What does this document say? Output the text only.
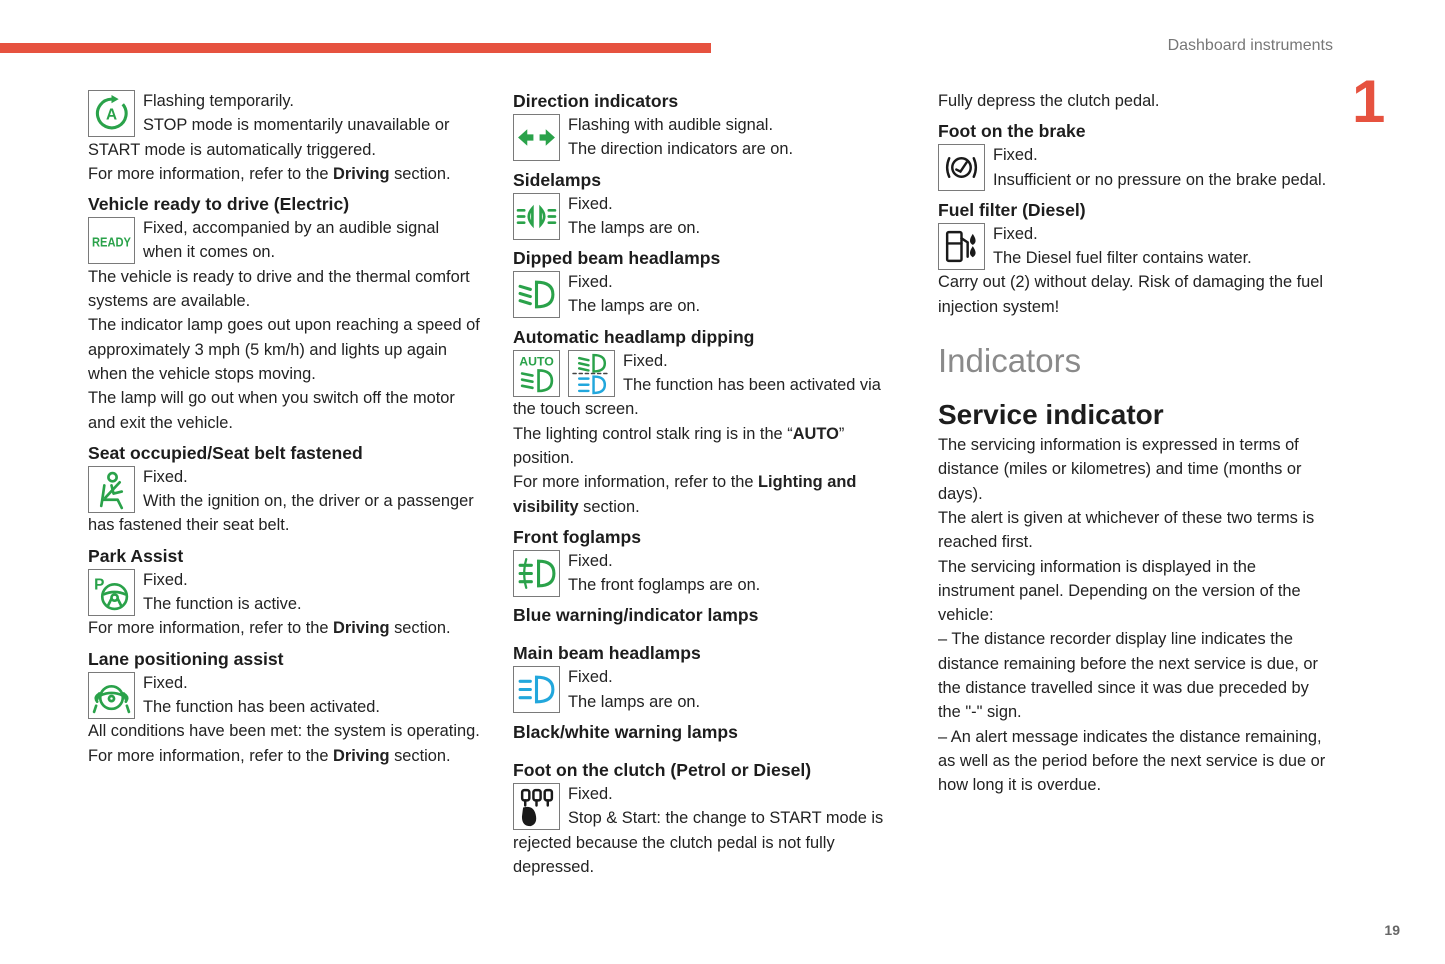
Dashboard instruments
1
19
A
Flashing temporarily.
STOP mode is momentarily unavailable or START mode is automatically triggered.
For more information, refer to the Driving section.
Vehicle ready to drive (Electric)
READY
Fixed, accompanied by an audible signal when it comes on.
The vehicle is ready to drive and the thermal comfort systems are available.
The indicator lamp goes out upon reaching a speed of approximately 3 mph (5 km/h) and lights up again when the vehicle stops moving.
The lamp will go out when you switch off the motor and exit the vehicle.
Seat occupied/Seat belt fastened
Fixed.
With the ignition on, the driver or a passenger has fastened their seat belt.
Park Assist
P	Fixed.
The function is active.
For more information, refer to the Driving section.
Lane positioning assist
Fixed.
The function has been activated.
All conditions have been met: the system is operating.
For more information, refer to the Driving section.
Direction indicators
Flashing with audible signal.
The direction indicators are on.
Sidelamps
Fixed.
The lamps are on.
Dipped beam headlamps
Fixed.
The lamps are on.
Automatic headlamp dipping
AUTO	Fixed.
The function has been activated via the touch screen.
The lighting control stalk ring is in the “AUTO” position.
For more information, refer to the Lighting and
visibility section.
Front foglamps
Fixed.
The front foglamps are on.
Blue warning/indicator lamps
Main beam headlamps
Fixed.
The lamps are on.
Black/white warning lamps
Foot on the clutch (Petrol or Diesel)
Fixed.
Stop & Start: the change to START mode is rejected because the clutch pedal is not fully depressed.
Fully depress the clutch pedal.
Foot on the brake
Fixed.
Insufficient or no pressure on the brake pedal.
Fuel filter (Diesel)
Fixed.
The Diesel fuel filter contains water.
Carry out (2) without delay. Risk of damaging the fuel injection system!
Indicators
Service indicator
The servicing information is expressed in terms of distance (miles or kilometres) and time (months or days).
The alert is given at whichever of these two terms is reached first.
The servicing information is displayed in the instrument panel. Depending on the version of the vehicle:
– The distance recorder display line indicates the distance remaining before the next service is due, or the distance travelled since it was due preceded by the "-" sign.
– An alert message indicates the distance remaining, as well as the period before the next service is due or how long it is overdue.
